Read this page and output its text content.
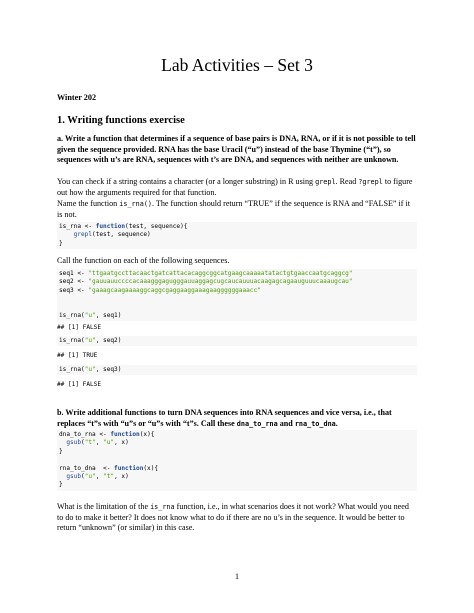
Lab Activities – Set 3
Winter 202
1. Writing functions exercise
a. Write a function that determines if a sequence of base pairs is DNA, RNA, or if it is not possible to tell given the sequence provided. RNA has the base Uracil (“u”) instead of the base Thymine (“t”), so sequences with u’s are RNA, sequences with t’s are DNA, and sequences with neither are unknown.
You can check if a string contains a character (or a longer substring) in R using grepl. Read ?grepl to figure out how the arguments required for that function.
Name the function is_rna(). The function should return “TRUE” if the sequence is RNA and “FALSE” if it is not.
is_rna <- function(test, sequence){
grepl(test, sequence)
}
Call the function on each of the following sequences.
seq1 <- "ttgaatgccttacaactgatcattacacaggcggcatgaagcaaaaatatactgtgaaccaatgcaggcg"
seq2 <- "gauuauuccccacaaagggagugggauuaggagcugcaucauuuacaagagcagaauguuucaaaugcau"
seq3 <- "gaaagcaagaaaaggcaggcgaggaaggaaagaaggggggaaacc"

is_rna("u", seq1)
## [1] FALSE
is_rna("u", seq2)
## [1] TRUE
is_rna("u", seq3)
## [1] FALSE
b. Write additional functions to turn DNA sequences into RNA sequences and vice versa, i.e., that replaces “t”s with “u”s or “u”s with “t”s. Call these dna_to_rna and rna_to_dna.
dna_to_rna <- function(x){
gsub("t", "u", x)
}

rna_to_dna  <- function(x){
gsub("u", "t", x)
}
What is the limitation of the is_rna function, i.e., in what scenarios does it not work? What would you need to do to make it better? It does not know what to do if there are no u’s in the sequence. It would be better to return “unknown” (or similar) in this case.
1
